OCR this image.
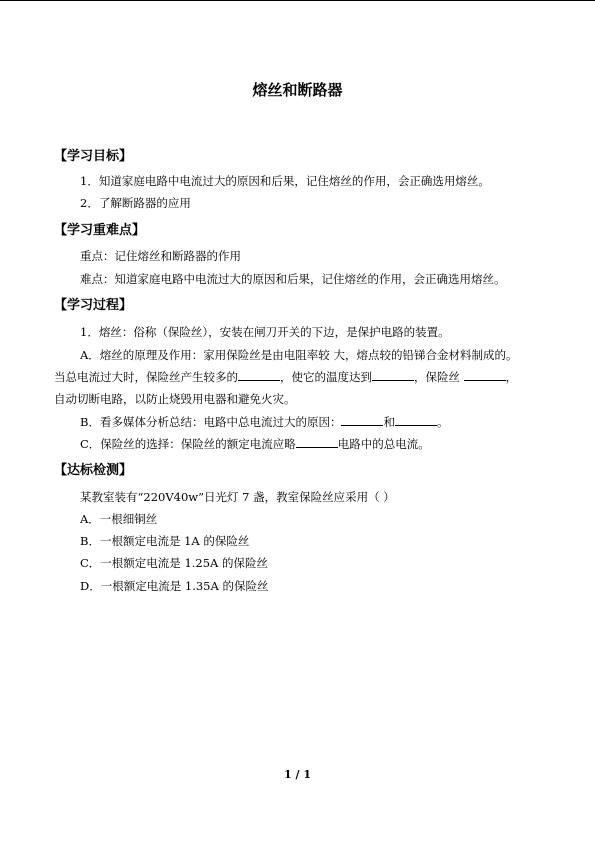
熔丝和断路器
【学习目标】
1．知道家庭电路中电流过大的原因和后果，记住熔丝的作用，会正确选用熔丝。
2．了解断路器的应用
【学习重难点】
重点：记住熔丝和断路器的作用
难点：知道家庭电路中电流过大的原因和后果，记住熔丝的作用，会正确选用熔丝。
【学习过程】
1．熔丝：俗称（保险丝），安装在闸刀开关的下边，是保护电路的装置。
A．熔丝的原理及作用：家用保险丝是由电阻率较 大，熔点较的铅锑合金材料制成的。
当总电流过大时，保险丝产生较多的	，使它的温度达到	，保险丝	，
自动切断电路，以防止烧毁用电器和避免火灾。
B．看多媒体分析总结：电路中总电流过大的原因：	和	。
C．保险丝的选择：保险丝的额定电流应略	电路中的总电流。
【达标检测】
某教室装有“220V40w”日光灯 7 盏，教室保险丝应采用（ ）
A．一根细铜丝
B．一根额定电流是 1A 的保险丝
C．一根额定电流是 1.25A 的保险丝
D．一根额定电流是 1.35A 的保险丝
1 / 1
